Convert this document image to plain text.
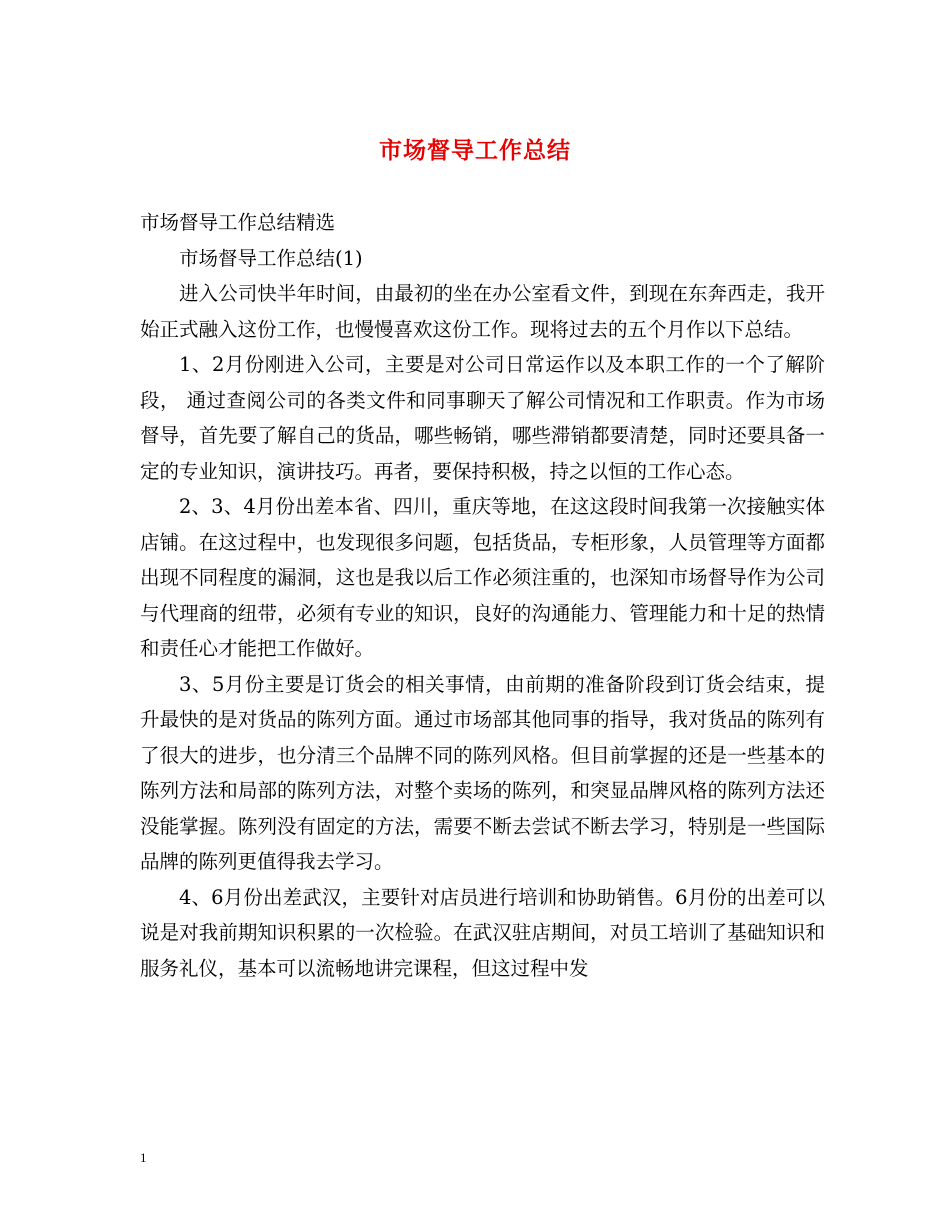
市场督导工作总结

市场督导工作总结精选

市场督导工作总结(1)

进入公司快半年时间，由最初的坐在办公室看文件，到现在东奔西走，我开始正式融入这份工作，也慢慢喜欢这份工作。现将过去的五个月作以下总结。

1、2月份刚进入公司，主要是对公司日常运作以及本职工作的一个了解阶段， 通过查阅公司的各类文件和同事聊天了解公司情况和工作职责。作为市场督导，首先要了解自己的货品，哪些畅销，哪些滞销都要清楚，同时还要具备一定的专业知识，演讲技巧。再者，要保持积极，持之以恒的工作心态。

2、3、4月份出差本省、四川，重庆等地，在这这段时间我第一次接触实体店铺。在这过程中，也发现很多问题，包括货品，专柜形象，人员管理等方面都出现不同程度的漏洞，这也是我以后工作必须注重的，也深知市场督导作为公司与代理商的纽带，必须有专业的知识，良好的沟通能力、管理能力和十足的热情和责任心才能把工作做好。

3、5月份主要是订货会的相关事情，由前期的准备阶段到订货会结束，提升最快的是对货品的陈列方面。通过市场部其他同事的指导，我对货品的陈列有了很大的进步，也分清三个品牌不同的陈列风格。但目前掌握的还是一些基本的陈列方法和局部的陈列方法，对整个卖场的陈列，和突显品牌风格的陈列方法还没能掌握。陈列没有固定的方法，需要不断去尝试不断去学习，特别是一些国际品牌的陈列更值得我去学习。

4、6月份出差武汉，主要针对店员进行培训和协助销售。6月份的出差可以说是对我前期知识积累的一次检验。在武汉驻店期间，对员工培训了基础知识和服务礼仪，基本可以流畅地讲完课程，但这过程中发

1
